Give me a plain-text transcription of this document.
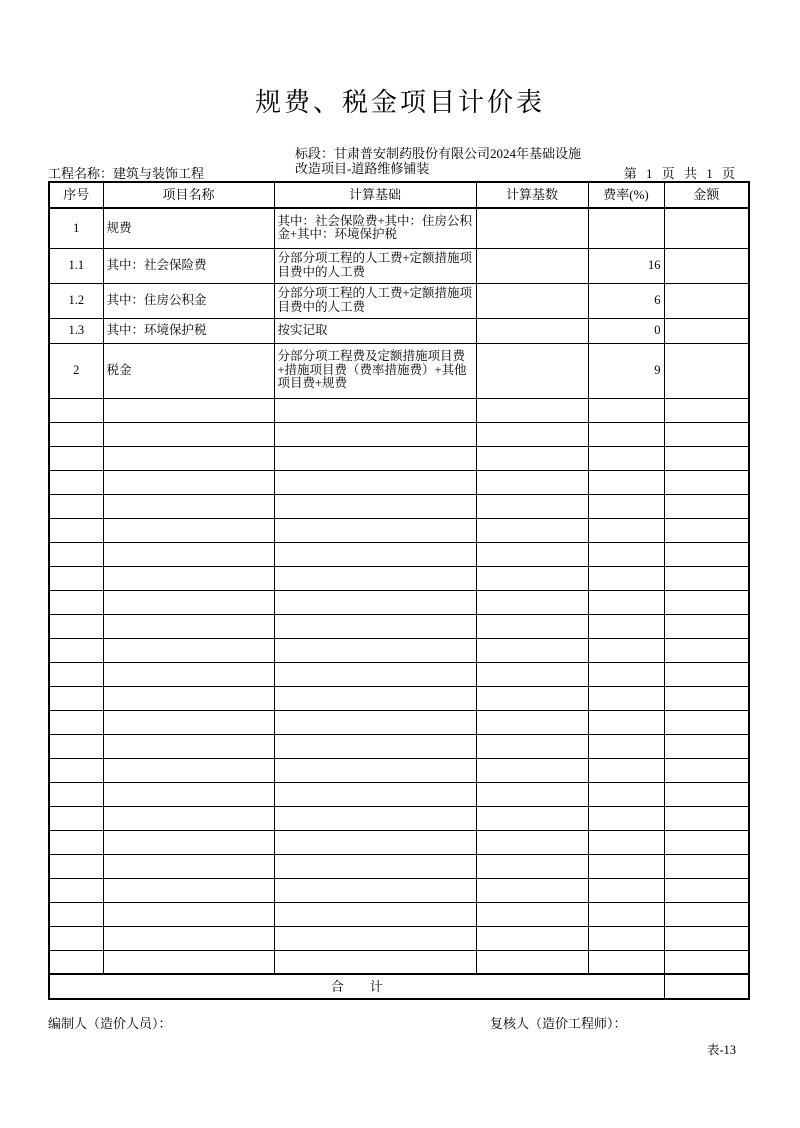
规费、税金项目计价表
工程名称：建筑与装饰工程
标段：甘肃普安制药股份有限公司2024年基础设施
改造项目-道路维修铺装	第 1 页 共 1 页
序号	项目名称	计算基础	计算基数	费率(%)	金额
1	规费	其中：社会保险费+其中：住房公积金+其中：环境保护税			
1.1	其中：社会保险费	分部分项工程的人工费+定额措施项目费中的人工费		16	
1.2	其中：住房公积金	分部分项工程的人工费+定额措施项目费中的人工费		6	
1.3	其中：环境保护税	按实记取		0	
2	税金	分部分项工程费及定额措施项目费+措施项目费（费率措施费）+其他项目费+规费		9	

合　　计					
编制人（造价人员）：	复核人（造价工程师）：
表-13
